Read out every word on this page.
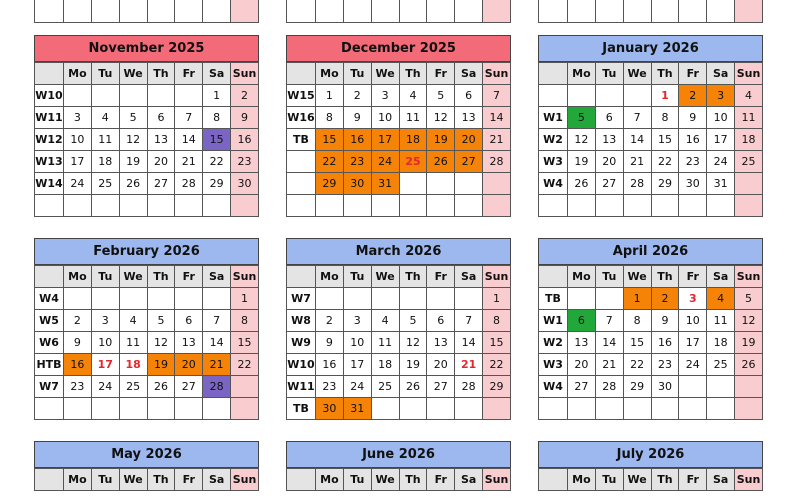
November 2025
	Mo	Tu	We	Th	Fr	Sa	Sun
W10						1	2
W11	3	4	5	6	7	8	9
W12	10	11	12	13	14	15	16
W13	17	18	19	20	21	22	23
W14	24	25	26	27	28	29	30

December 2025
	Mo	Tu	We	Th	Fr	Sa	Sun
W15	1	2	3	4	5	6	7
W16	8	9	10	11	12	13	14
TB	15	16	17	18	19	20	21
	22	23	24	25	26	27	28
	29	30	31				

January 2026
	Mo	Tu	We	Th	Fr	Sa	Sun
				1	2	3	4
W1	5	6	7	8	9	10	11
W2	12	13	14	15	16	17	18
W3	19	20	21	22	23	24	25
W4	26	27	28	29	30	31	

February 2026
	Mo	Tu	We	Th	Fr	Sa	Sun
W4							1
W5	2	3	4	5	6	7	8
W6	9	10	11	12	13	14	15
HTB	16	17	18	19	20	21	22
W7	23	24	25	26	27	28	

March 2026
	Mo	Tu	We	Th	Fr	Sa	Sun
W7							1
W8	2	3	4	5	6	7	8
W9	9	10	11	12	13	14	15
W10	16	17	18	19	20	21	22
W11	23	24	25	26	27	28	29
TB	30	31					
April 2026
	Mo	Tu	We	Th	Fr	Sa	Sun
TB			1	2	3	4	5
W1	6	7	8	9	10	11	12
W2	13	14	15	16	17	18	19
W3	20	21	22	23	24	25	26
W4	27	28	29	30			

May 2026
	Mo	Tu	We	Th	Fr	Sa	Sun
June 2026
	Mo	Tu	We	Th	Fr	Sa	Sun
July 2026
	Mo	Tu	We	Th	Fr	Sa	Sun
